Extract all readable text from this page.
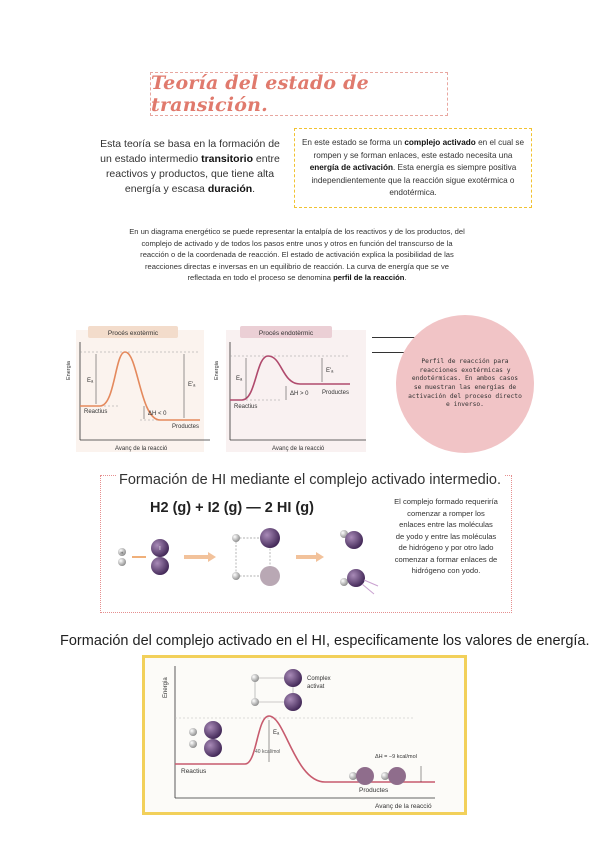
Teoría del estado de transición.
Esta teoría se basa en la formación de un estado intermedio transitorio entre reactivos y productos, que tiene alta energía y escasa duración.
En este estado se forma un complejo activado en el cual se rompen y se forman enlaces, este estado necesita una energía de activación. Esta energía es siempre positiva independientemente que la reacción sigue exotérmica o endotérmica.
En un diagrama energético se puede representar la entalpía de los reactivos y de los productos, del complejo de activado y de todos los pasos entre unos y otros en función del transcurso de la reacción o de la coordenada de reacción. El estado de activación explica la posibilidad de las reacciones directas e inversas en un equilibrio de reacción. La curva de energía que se ve reflectada en todo el proceso se denomina perfil de la reacción.
Procés exotèrmic
Energia
Eₐ
E'ₐ
ΔH < 0
Reactius
Productes
Avanç de la reacció
Procés endotèrmic
Energia	Eₐ
E'ₐ
ΔH > 0
Reactius
Productes
Avanç de la reacció
Perfil de reacción para reacciones exotérmicas y endotérmicas. En ambos casos se muestran las energías de activación del proceso directo e inverso.
Formación de HI mediante el complejo activado intermedio.
H2 (g) + I2 (g) — 2 HI (g)	El complejo formado requeriría comenzar a romper los enlaces entre las moléculas de yodo y entre las moléculas de hidrógeno y por otro lado comenzar a formar enlaces de hidrógeno con yodo.
H
I
Formación del complejo activado en el HI, especificamente los valores de energía.
Energia	Complex
activat
Reactius
Eₐ
40 kcal/mol
Productes
ΔH = −9 kcal/mol
Avanç de la reacció
